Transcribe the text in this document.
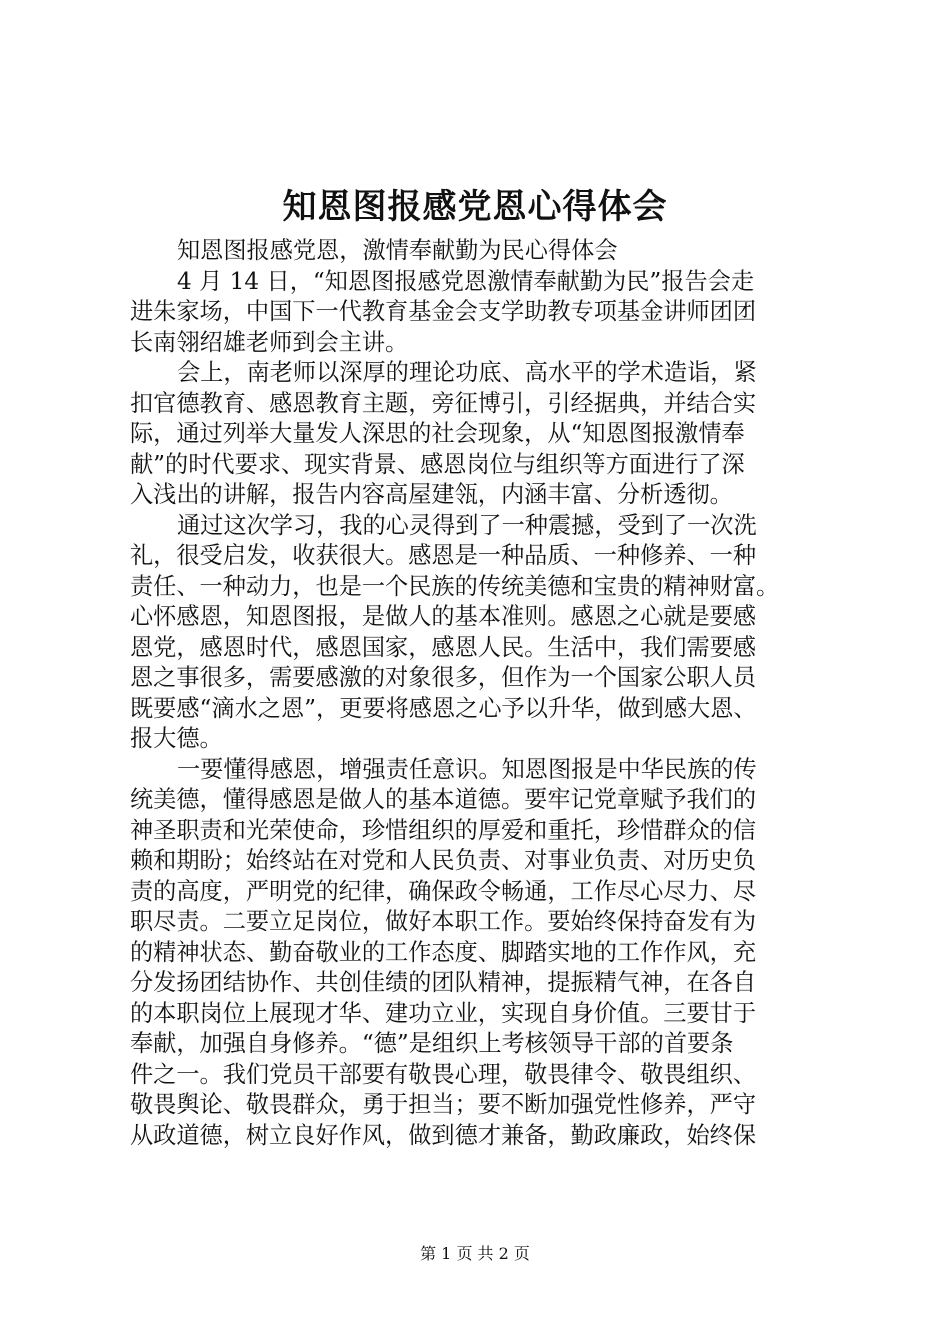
知恩图报感党恩心得体会
知恩图报感党恩，激情奉献勤为民心得体会
4 月 14 日，“知恩图报感党恩激情奉献勤为民”报告会走
进朱家场，中国下一代教育基金会支学助教专项基金讲师团团
长南翎绍雄老师到会主讲。
会上，南老师以深厚的理论功底、高水平的学术造诣，紧
扣官德教育、感恩教育主题，旁征博引，引经据典，并结合实
际，通过列举大量发人深思的社会现象，从“知恩图报激情奉
献”的时代要求、现实背景、感恩岗位与组织等方面进行了深
入浅出的讲解，报告内容高屋建瓴，内涵丰富、分析透彻。
通过这次学习，我的心灵得到了一种震撼，受到了一次洗
礼，很受启发，收获很大。感恩是一种品质、一种修养、一种
责任、一种动力，也是一个民族的传统美德和宝贵的精神财富。
心怀感恩，知恩图报，是做人的基本准则。感恩之心就是要感
恩党，感恩时代，感恩国家，感恩人民。生活中，我们需要感
恩之事很多，需要感激的对象很多，但作为一个国家公职人员
既要感“滴水之恩”，更要将感恩之心予以升华，做到感大恩、
报大德。
一要懂得感恩，增强责任意识。知恩图报是中华民族的传
统美德，懂得感恩是做人的基本道德。要牢记党章赋予我们的
神圣职责和光荣使命，珍惜组织的厚爱和重托，珍惜群众的信
赖和期盼；始终站在对党和人民负责、对事业负责、对历史负
责的高度，严明党的纪律，确保政令畅通，工作尽心尽力、尽
职尽责。二要立足岗位，做好本职工作。要始终保持奋发有为
的精神状态、勤奋敬业的工作态度、脚踏实地的工作作风，充
分发扬团结协作、共创佳绩的团队精神，提振精气神，在各自
的本职岗位上展现才华、建功立业，实现自身价值。三要甘于
奉献，加强自身修养。“德”是组织上考核领导干部的首要条
件之一。我们党员干部要有敬畏心理，敬畏律令、敬畏组织、
敬畏舆论、敬畏群众，勇于担当；要不断加强党性修养，严守
从政道德，树立良好作风，做到德才兼备，勤政廉政，始终保
第 1 页 共 2 页
